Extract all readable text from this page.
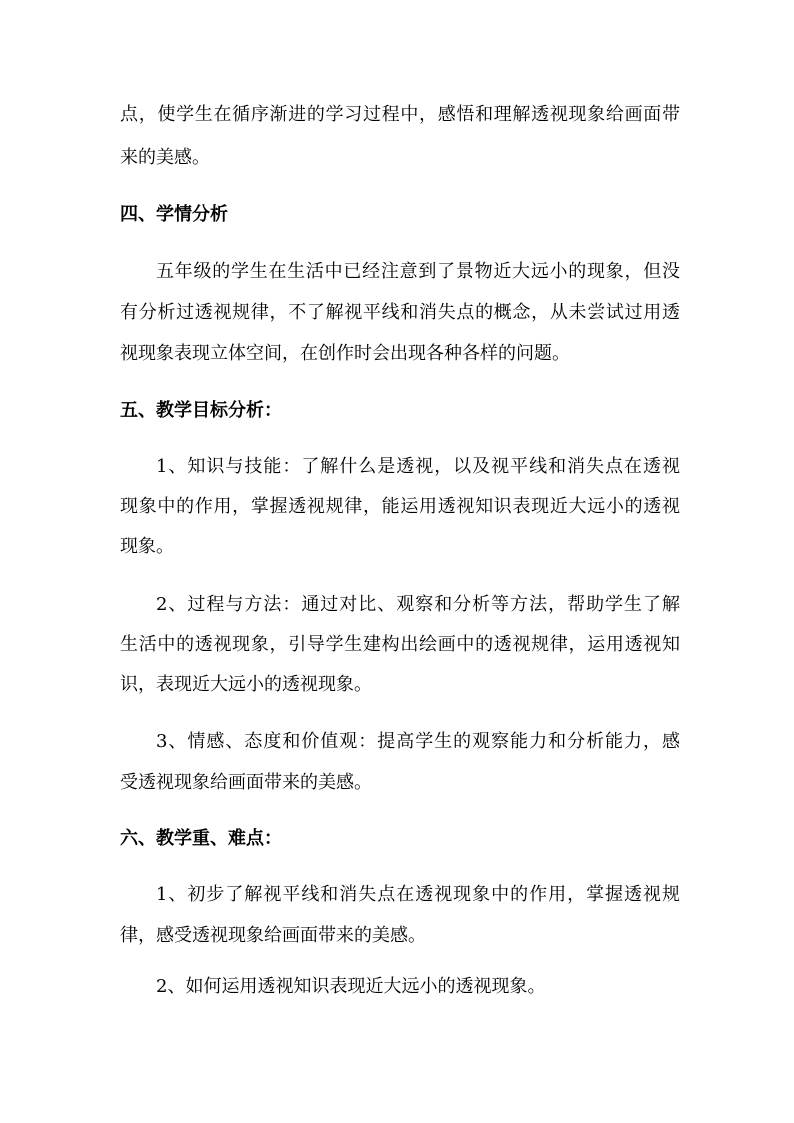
点，使学生在循序渐进的学习过程中，感悟和理解透视现象给画面带
来的美感。
四、学情分析
五年级的学生在生活中已经注意到了景物近大远小的现象，但没
有分析过透视规律，不了解视平线和消失点的概念，从未尝试过用透
视现象表现立体空间，在创作时会出现各种各样的问题。
五、教学目标分析：
1、知识与技能：了解什么是透视，以及视平线和消失点在透视
现象中的作用，掌握透视规律，能运用透视知识表现近大远小的透视
现象。
2、过程与方法：通过对比、观察和分析等方法，帮助学生了解
生活中的透视现象，引导学生建构出绘画中的透视规律，运用透视知
识，表现近大远小的透视现象。
3、情感、态度和价值观：提高学生的观察能力和分析能力，感
受透视现象给画面带来的美感。
六、教学重、难点：
1、初步了解视平线和消失点在透视现象中的作用，掌握透视规
律，感受透视现象给画面带来的美感。
2、如何运用透视知识表现近大远小的透视现象。
